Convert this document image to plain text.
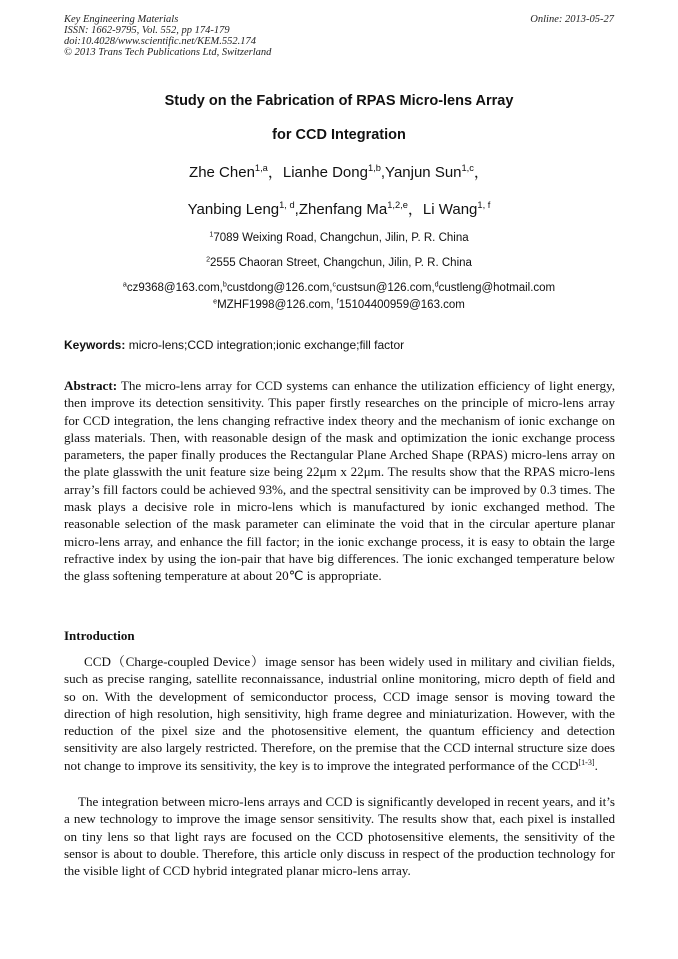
Key Engineering Materials
ISSN: 1662-9795, Vol. 552, pp 174-179
doi:10.4028/www.scientific.net/KEM.552.174
© 2013 Trans Tech Publications Ltd, Switzerland
Online: 2013-05-27
Study on the Fabrication of RPAS Micro-lens Array
for CCD Integration
Zhe Chen$^{1,a}$，Lianhe Dong$^{1,b}$,Yanjun Sun$^{1,c}$，
Yanbing Leng$^{1, d}$,Zhenfang Ma$^{1,2,e}$，Li Wang$^{1, f}$
$^1$7089 Weixing Road, Changchun, Jilin, P. R. China
$^2$2555 Chaoran Street, Changchun, Jilin, P. R. China
$^a$cz9368@163.com,$^b$custdong@126.com,$^c$custsun@126.com,$^d$custleng@hotmail.com
$^e$MZHF1998@126.com, $^f$15104400959@163.com
Keywords: micro-lens;CCD integration;ionic exchange;fill factor
Abstract: The micro-lens array for CCD systems can enhance the utilization efficiency of light energy, then improve its detection sensitivity. This paper firstly researches on the principle of micro-lens array for CCD integration, the lens changing refractive index theory and the mechanism of ionic exchange on glass materials. Then, with reasonable design of the mask and optimization the ionic exchange process parameters, the paper finally produces the Rectangular Plane Arched Shape (RPAS) micro-lens array on the plate glasswith the unit feature size being 22μm x 22μm. The results show that the RPAS micro-lens array’s fill factors could be achieved 93%, and the spectral sensitivity can be improved by 0.3 times. The mask plays a decisive role in micro-lens which is manufactured by ionic exchanged method. The reasonable selection of the mask parameter can eliminate the void that in the circular aperture planar micro-lens array, and enhance the fill factor; in the ionic exchange process, it is easy to obtain the large refractive index by using the ion-pair that have big differences. The ionic exchanged temperature below the glass softening temperature at about 20℃ is appropriate.
Introduction
CCD（Charge-coupled Device）image sensor has been widely used in military and civilian fields, such as precise ranging, satellite reconnaissance, industrial online monitoring, micro depth of field and so on. With the development of semiconductor process, CCD image sensor is moving toward the direction of high resolution, high sensitivity, high frame degree and miniaturization. However, with the reduction of the pixel size and the photosensitive element, the quantum efficiency and detection sensitivity are also largely restricted. Therefore, on the premise that the CCD internal structure size does not change to improve its sensitivity, the key is to improve the integrated performance of the CCD[1-3].
The integration between micro-lens arrays and CCD is significantly developed in recent years, and it’s a new technology to improve the image sensor sensitivity. The results show that, each pixel is installed on tiny lens so that light rays are focused on the CCD photosensitive elements, the sensitivity of the sensor is about to double. Therefore, this article only discuss in respect of the production technology for the visible light of CCD hybrid integrated planar micro-lens array.
